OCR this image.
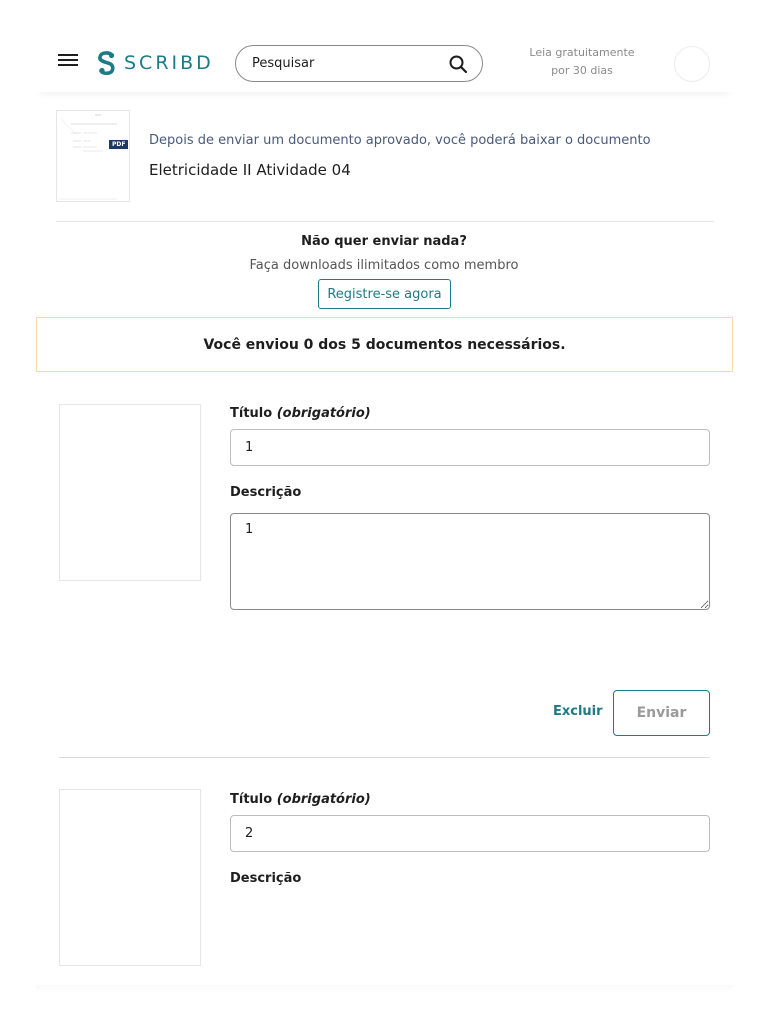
SCRIBD
Pesquisar	Leia gratuitamente
por 30 dias
PDF Depois de enviar um documento aprovado, você poderá baixar o documento
Eletricidade II Atividade 04
Não quer enviar nada?
Faça downloads ilimitados como membro
Registre-se agora
Você enviou 0 dos 5 documentos necessários.
Título (obrigatório)
1
Descrição
1
Excluir	Enviar
Título (obrigatório)
2
Descrição
